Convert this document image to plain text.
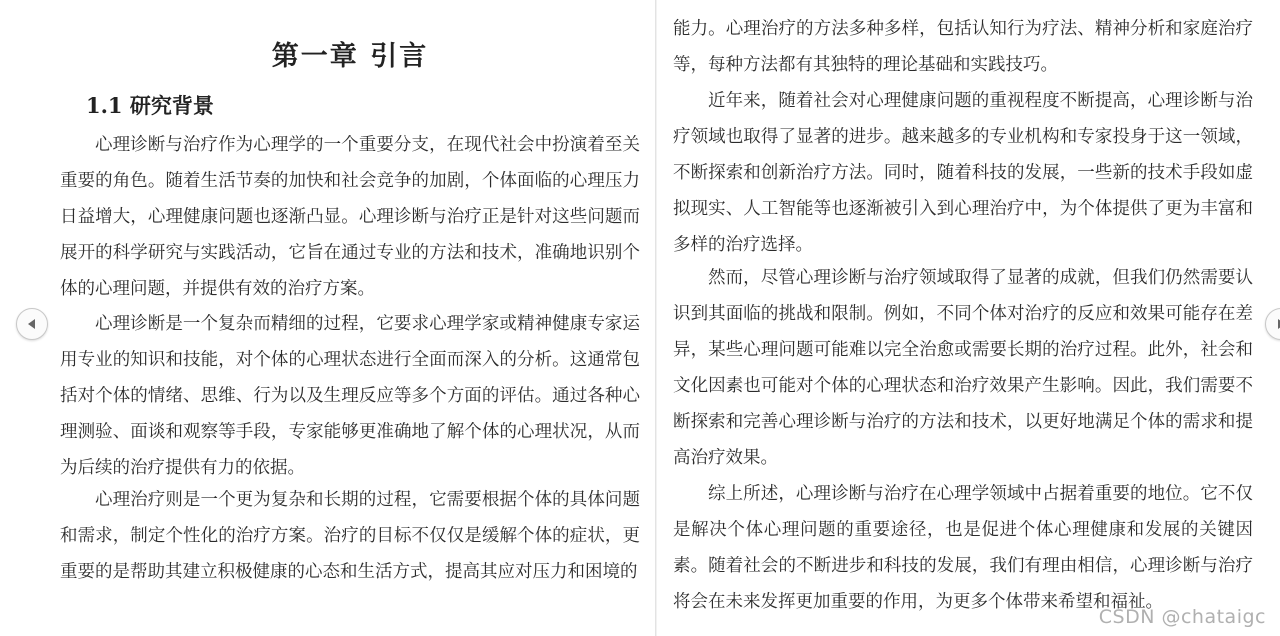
第一章 引言
1.1 研究背景

心理诊断与治疗作为心理学的一个重要分支，在现代社会中扮演着至关重要的角色。随着生活节奏的加快和社会竞争的加剧，个体面临的心理压力日益增大，心理健康问题也逐渐凸显。心理诊断与治疗正是针对这些问题而展开的科学研究与实践活动，它旨在通过专业的方法和技术，准确地识别个体的心理问题，并提供有效的治疗方案。

心理诊断是一个复杂而精细的过程，它要求心理学家或精神健康专家运用专业的知识和技能，对个体的心理状态进行全面而深入的分析。这通常包括对个体的情绪、思维、行为以及生理反应等多个方面的评估。通过各种心理测验、面谈和观察等手段，专家能够更准确地了解个体的心理状况，从而为后续的治疗提供有力的依据。

心理治疗则是一个更为复杂和长期的过程，它需要根据个体的具体问题和需求，制定个性化的治疗方案。治疗的目标不仅仅是缓解个体的症状，更重要的是帮助其建立积极健康的心态和生活方式，提高其应对压力和困境的

能力。心理治疗的方法多种多样，包括认知行为疗法、精神分析和家庭治疗等，每种方法都有其独特的理论基础和实践技巧。

近年来，随着社会对心理健康问题的重视程度不断提高，心理诊断与治疗领域也取得了显著的进步。越来越多的专业机构和专家投身于这一领域，不断探索和创新治疗方法。同时，随着科技的发展，一些新的技术手段如虚拟现实、人工智能等也逐渐被引入到心理治疗中，为个体提供了更为丰富和多样的治疗选择。

然而，尽管心理诊断与治疗领域取得了显著的成就，但我们仍然需要认识到其面临的挑战和限制。例如，不同个体对治疗的反应和效果可能存在差异，某些心理问题可能难以完全治愈或需要长期的治疗过程。此外，社会和文化因素也可能对个体的心理状态和治疗效果产生影响。因此，我们需要不断探索和完善心理诊断与治疗的方法和技术，以更好地满足个体的需求和提高治疗效果。

综上所述，心理诊断与治疗在心理学领域中占据着重要的地位。它不仅是解决个体心理问题的重要途径，也是促进个体心理健康和发展的关键因素。随着社会的不断进步和科技的发展，我们有理由相信，心理诊断与治疗将会在未来发挥更加重要的作用，为更多个体带来希望和福祉。

CSDN @chataigc
